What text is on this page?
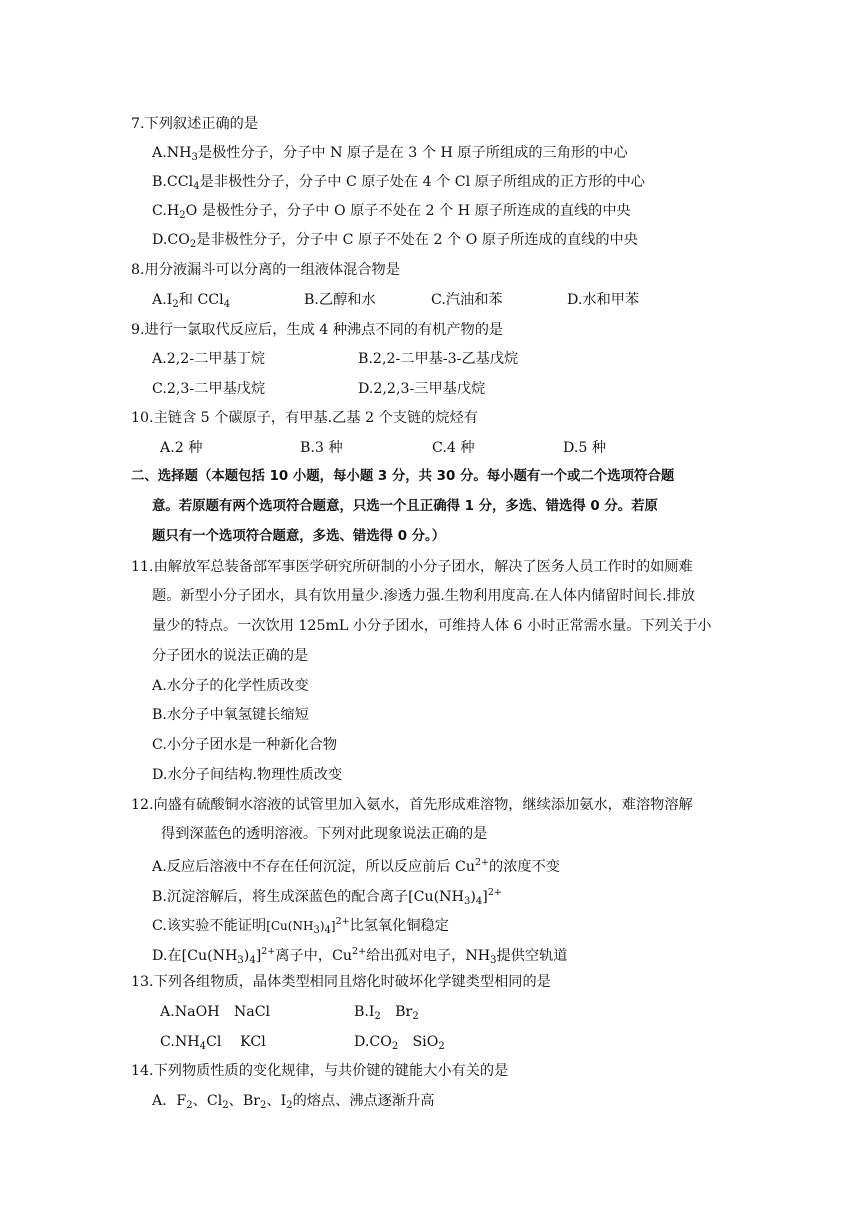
7.下列叙述正确的是
$A.NH_3$是极性分子，分子中 N 原子是在 3 个 H 原子所组成的三角形的中心
B.CCl$_4$是非极性分子，分子中 C 原子处在 4 个 Cl 原子所组成的正方形的中心
$C.H_2O$ 是极性分子，分子中 O 原子不处在 2 个 H 原子所连成的直线的中央
$D.CO_2$是非极性分子，分子中 C 原子不处在 2 个 O 原子所连成的直线的中央
8.用分液漏斗可以分离的一组液体混合物是
$A.I_2$和 CCl$_4$	B.乙醇和水	C.汽油和苯	D.水和甲苯
9.进行一氯取代反应后，生成 4 种沸点不同的有机产物的是
A.2,2-二甲基丁烷	B.2,2-二甲基-3-乙基戊烷
C.2,3-二甲基戊烷	D.2,2,3-三甲基戊烷
10.主链含 5 个碳原子，有甲基.乙基 2 个支链的烷烃有
A.2 种	B.3 种	C.4 种	D.5 种
二、选择题（本题包括 10 小题，每小题 3 分，共 30 分。每小题有一个或二个选项符合题
意。若原题有两个选项符合题意，只选一个且正确得 1 分，多选、错选得 0 分。若原
题只有一个选项符合题意，多选、错选得 0 分。）
11.由解放军总装备部军事医学研究所研制的小分子团水，解决了医务人员工作时的如厕难
题。新型小分子团水，具有饮用量少.渗透力强.生物利用度高.在人体内储留时间长.排放
量少的特点。一次饮用 125mL 小分子团水，可维持人体 6 小时正常需水量。下列关于小
分子团水的说法正确的是
A.水分子的化学性质改变
B.水分子中氧氢键长缩短
C.小分子团水是一种新化合物
D.水分子间结构.物理性质改变
12.向盛有硫酸铜水溶液的试管里加入氨水，首先形成难溶物，继续添加氨水，难溶物溶解
得到深蓝色的透明溶液。下列对此现象说法正确的是
A.反应后溶液中不存在任何沉淀，所以反应前后 $Cu^{2+}$的浓度不变
B.沉淀溶解后，将生成深蓝色的配合离子$[Cu(NH_3)_4]^{2+}$
C.该实验不能证明$[Cu(NH_3)_4]^{2+}$比氢氧化铜稳定
D.在$[Cu(NH_3)_4]^{2+}$离子中，$Cu^{2+}$给出孤对电子，$NH_3$提供空轨道
13.下列各组物质，晶体类型相同且熔化时破坏化学键类型相同的是
A.NaOH　NaCl	$B.I_2$　$Br_2$
$C.NH_4Cl$　 KCl	$D.CO_2$　SiO$_2$
14.下列物质性质的变化规律，与共价键的键能大小有关的是
A．$F_2$、$Cl_2$、$Br_2$、$I_2$的熔点、沸点逐渐升高
